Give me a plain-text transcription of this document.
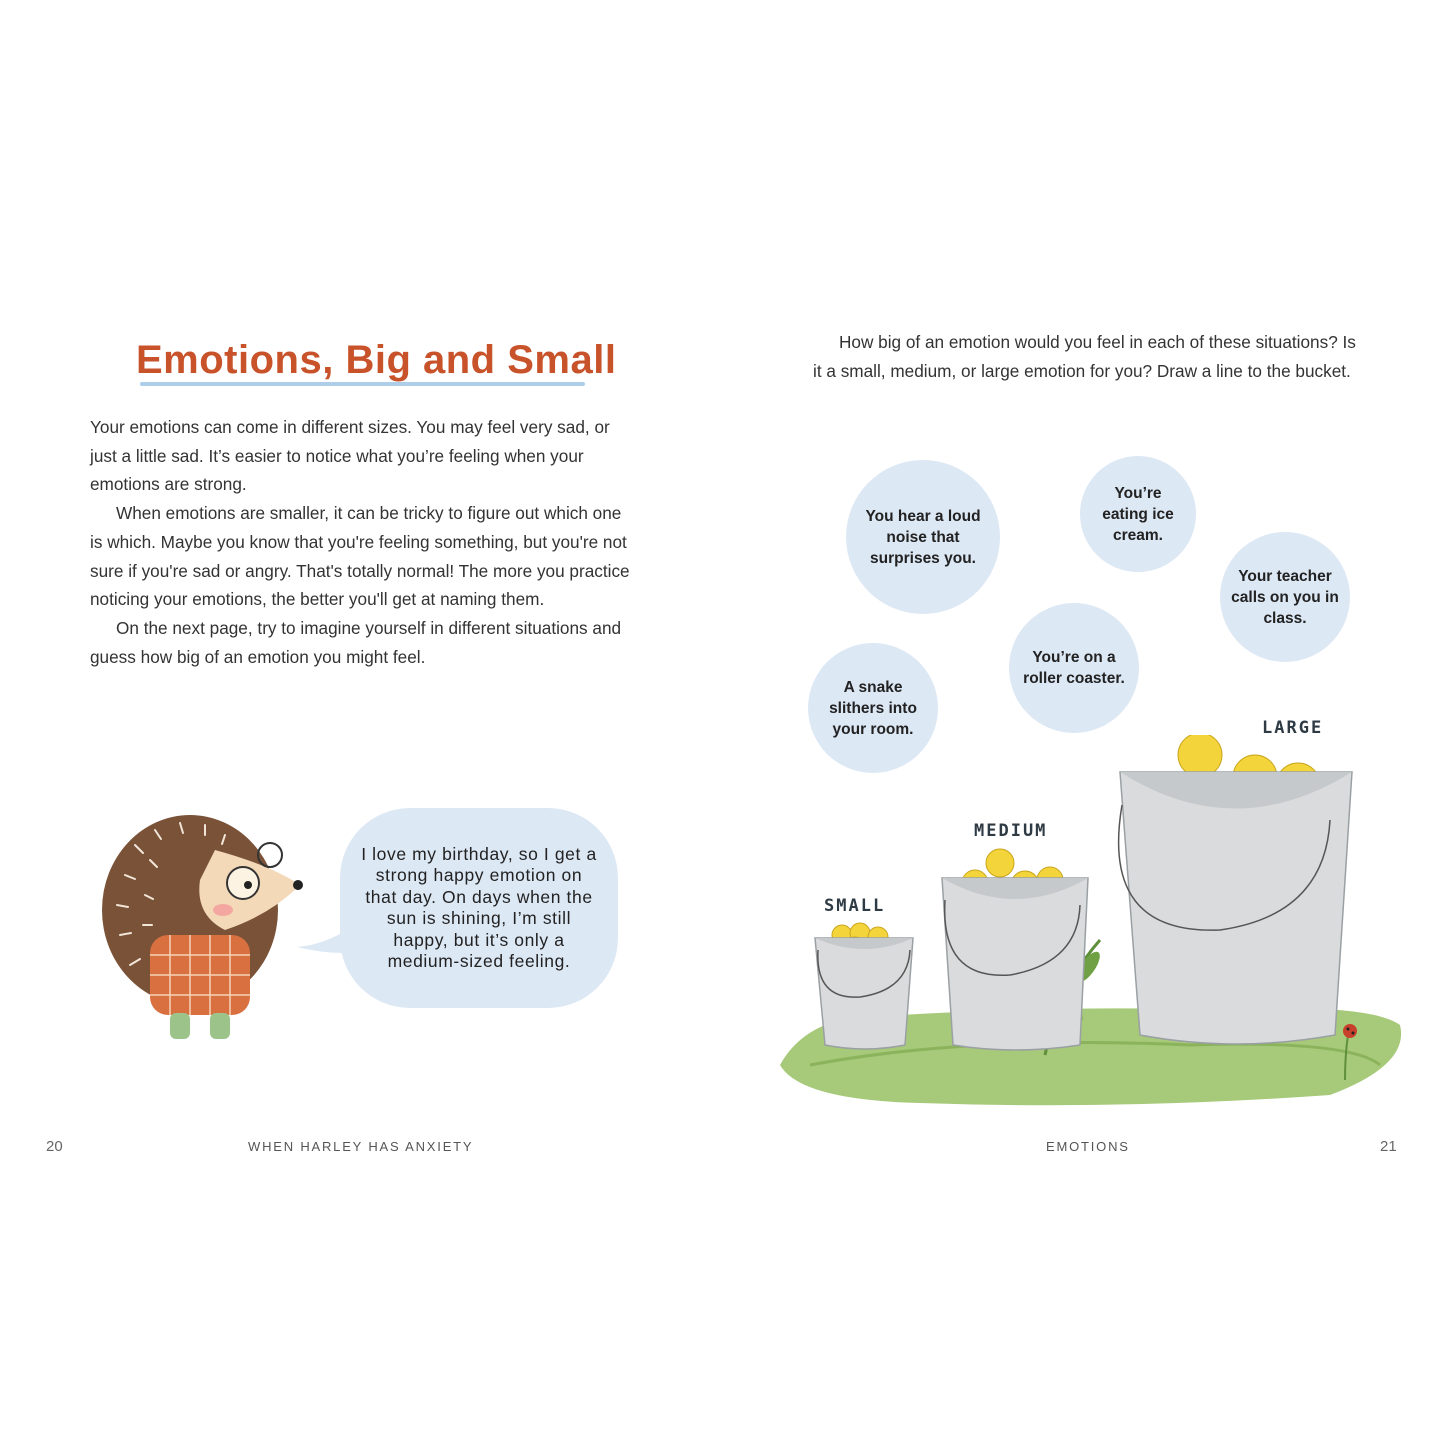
Emotions, Big and Small

Your emotions can come in different sizes. You may feel very sad, or just a little sad. It’s easier to notice what you’re feeling when your emotions are strong.

When emotions are smaller, it can be tricky to figure out which one is which. Maybe you know that you're feeling something, but you're not sure if you're sad or angry. That's totally normal! The more you practice noticing your emotions, the better you'll get at naming them.

On the next page, try to imagine yourself in different situations and guess how big of an emotion you might feel.

I love my birthday, so I get a strong happy emotion on that day. On days when the sun is shining, I’m still happy, but it’s only a medium-sized feeling.
20	WHEN HARLEY HAS ANXIETY

How big of an emotion would you feel in each of these situations? Is it a small, medium, or large emotion for you? Draw a line to the bucket.

You hear a loud noise that surprises you.
You’re eating ice cream.
Your teacher calls on you in class.
You’re on a roller coaster.
A snake slithers into your room.
SMALL
MEDIUM
LARGE
EMOTIONS	21
